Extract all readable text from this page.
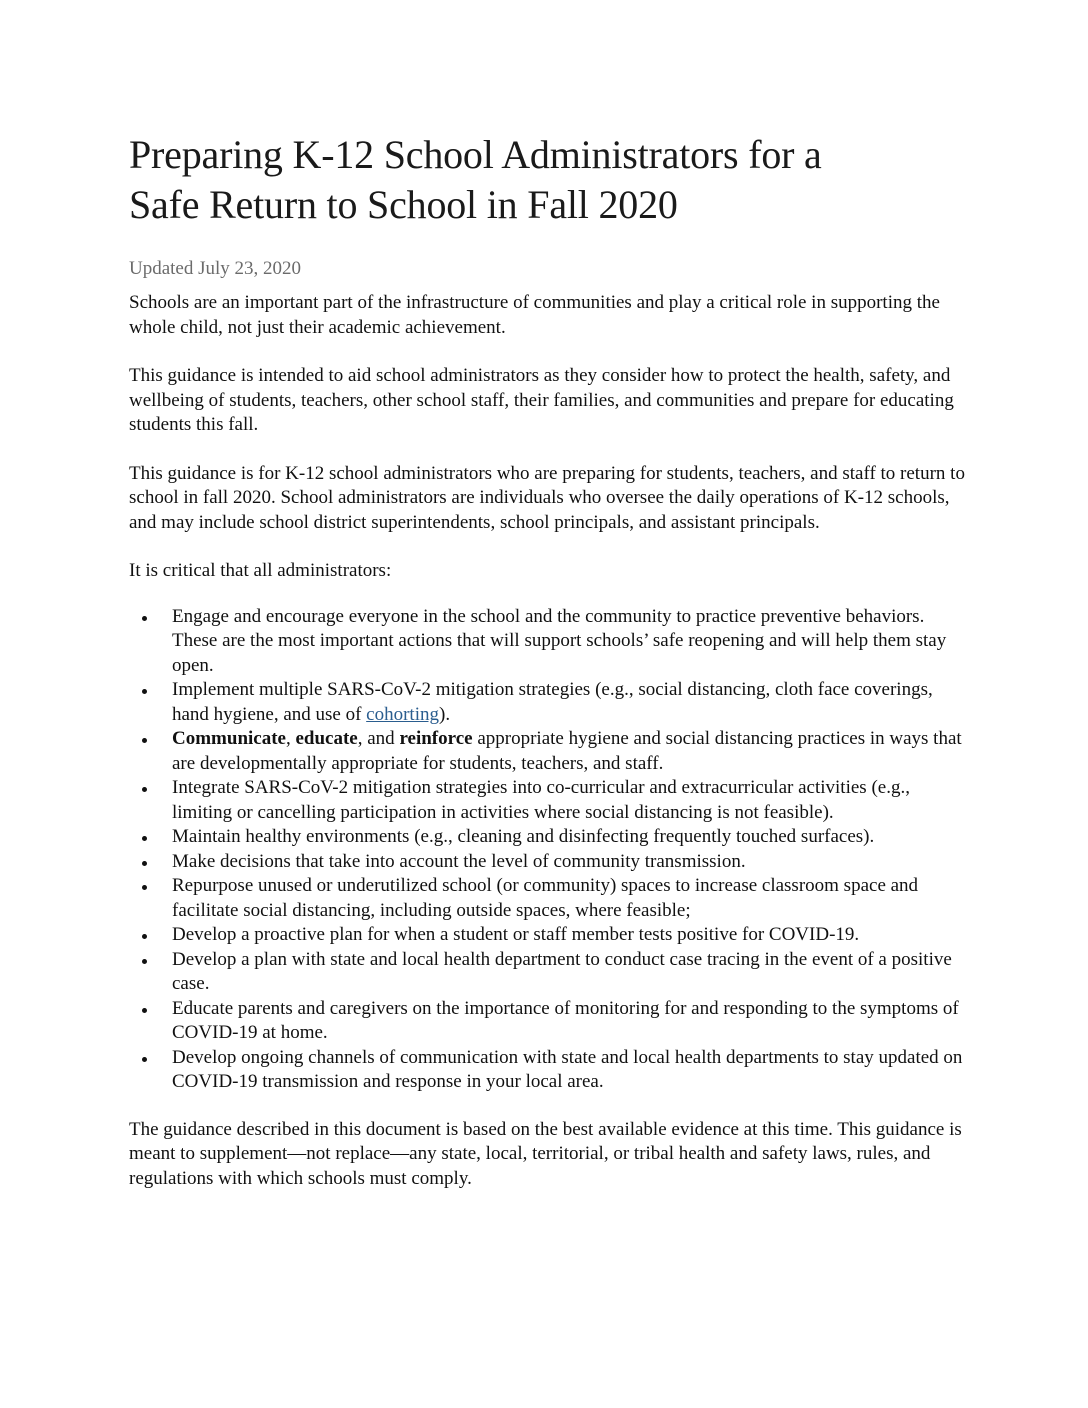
Preparing K-12 School Administrators for a
Safe Return to School in Fall 2020
Updated July 23, 2020

Schools are an important part of the infrastructure of communities and play a critical role in supporting the whole child, not just their academic achievement.

This guidance is intended to aid school administrators as they consider how to protect the health, safety, and wellbeing of students, teachers, other school staff, their families, and communities and prepare for educating students this fall.

This guidance is for K-12 school administrators who are preparing for students, teachers, and staff to return to school in fall 2020. School administrators are individuals who oversee the daily operations of K-12 schools, and may include school district superintendents, school principals, and assistant principals.

It is critical that all administrators:

Engage and encourage everyone in the school and the community to practice preventive behaviors. These are the most important actions that will support schools’ safe reopening and will help them stay open.
Implement multiple SARS-CoV-2 mitigation strategies (e.g., social distancing, cloth face coverings, hand hygiene, and use of cohorting).
Communicate, educate, and reinforce appropriate hygiene and social distancing practices in ways that are developmentally appropriate for students, teachers, and staff.
Integrate SARS-CoV-2 mitigation strategies into co-curricular and extracurricular activities (e.g., limiting or cancelling participation in activities where social distancing is not feasible).
Maintain healthy environments (e.g., cleaning and disinfecting frequently touched surfaces).
Make decisions that take into account the level of community transmission.
Repurpose unused or underutilized school (or community) spaces to increase classroom space and facilitate social distancing, including outside spaces, where feasible;
Develop a proactive plan for when a student or staff member tests positive for COVID-19.
Develop a plan with state and local health department to conduct case tracing in the event of a positive case.
Educate parents and caregivers on the importance of monitoring for and responding to the symptoms of COVID-19 at home.
Develop ongoing channels of communication with state and local health departments to stay updated on COVID-19 transmission and response in your local area.

The guidance described in this document is based on the best available evidence at this time. This guidance is meant to supplement—not replace—any state, local, territorial, or tribal health and safety laws, rules, and regulations with which schools must comply.
